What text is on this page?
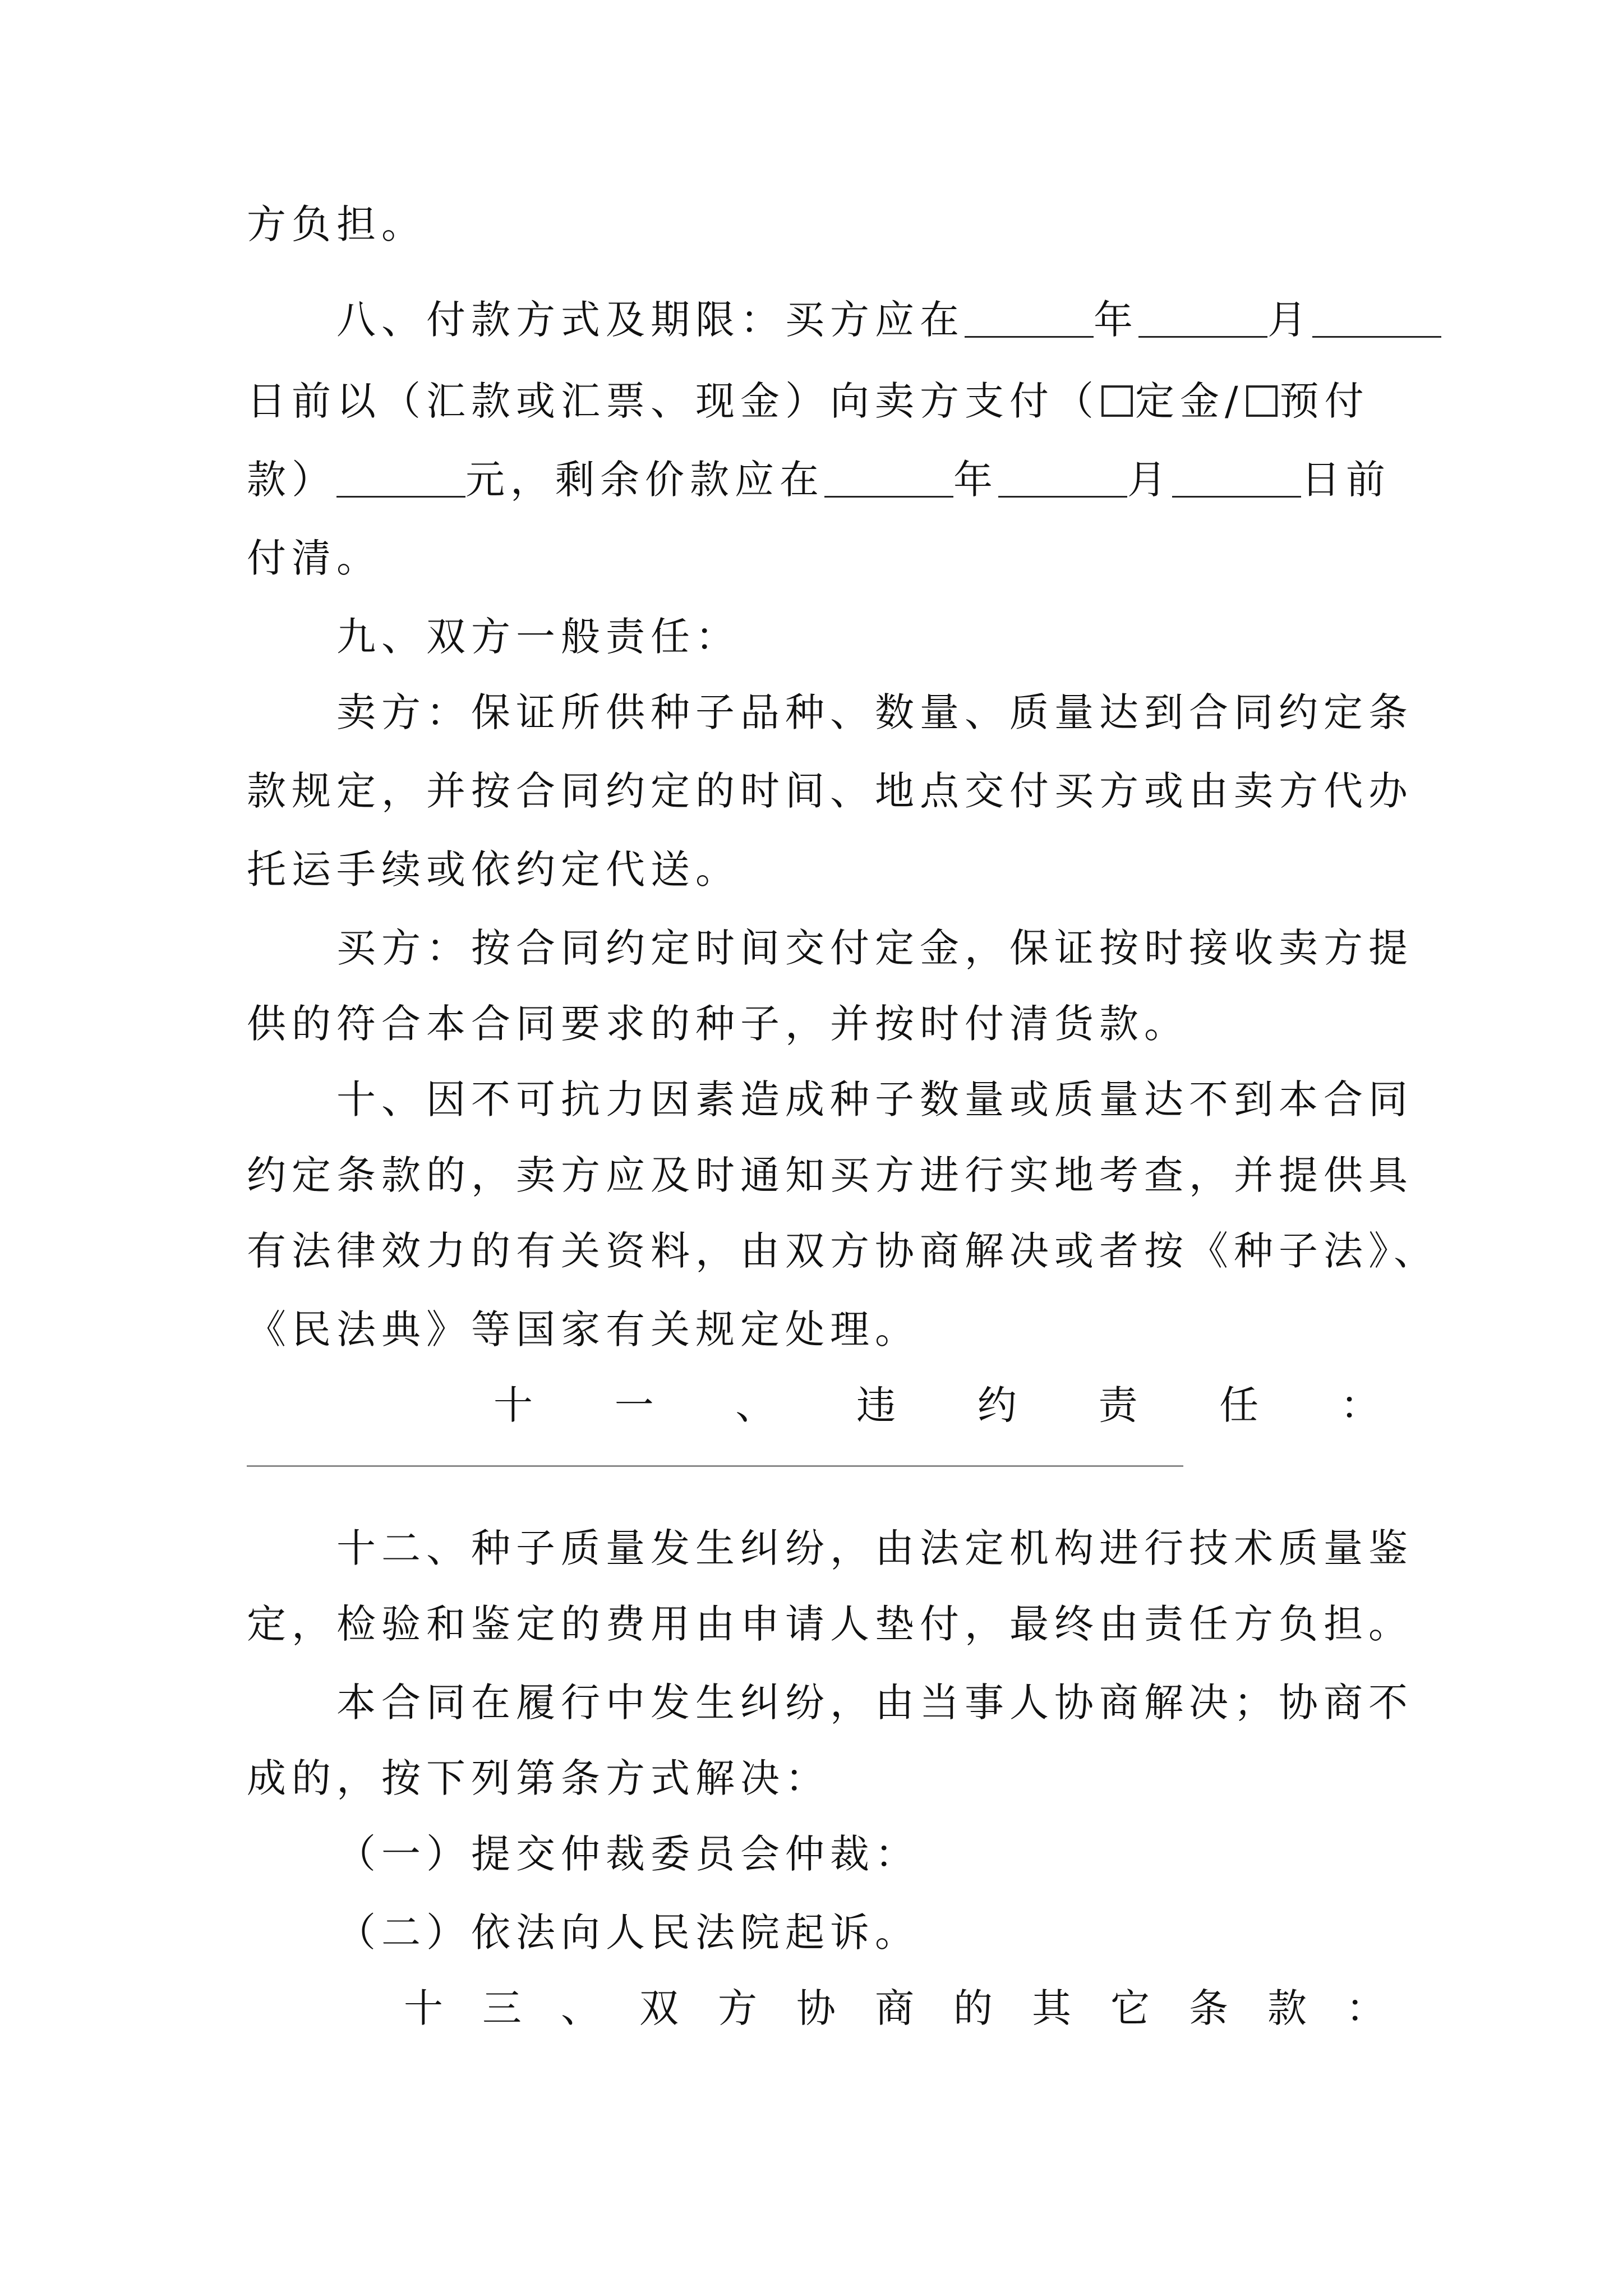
方负担。
八、付款方式及期限：买方应在	年	月
日前以（汇款或汇票、现金）向卖方支付（ 定金/ 预付
款）	元，剩余价款应在	年	月	日前
付清。
九、双方一般责任：
卖方：保证所供种子品种、数量、质量达到合同约定条
款规定，并按合同约定的时间、地点交付买方或由卖方代办
托运手续或依约定代送。
买方：按合同约定时间交付定金，保证按时接收卖方提
供的符合本合同要求的种子，并按时付清货款。
十、因不可抗力因素造成种子数量或质量达不到本合同
约定条款的，卖方应及时通知买方进行实地考查，并提供具
有法律效力的有关资料，由双方协商解决或者按《种子法》、
《民法典》等国家有关规定处理。
十 一 、 违 约 责 任 ：
十二、种子质量发生纠纷，由法定机构进行技术质量鉴
定，检验和鉴定的费用由申请人垫付，最终由责任方负担。
本合同在履行中发生纠纷，由当事人协商解决；协商不
成的，按下列第条方式解决：
（一）提交仲裁委员会仲裁：
（二）依法向人民法院起诉。
十 三 、 双 方 协 商 的 其 它 条 款 ：
